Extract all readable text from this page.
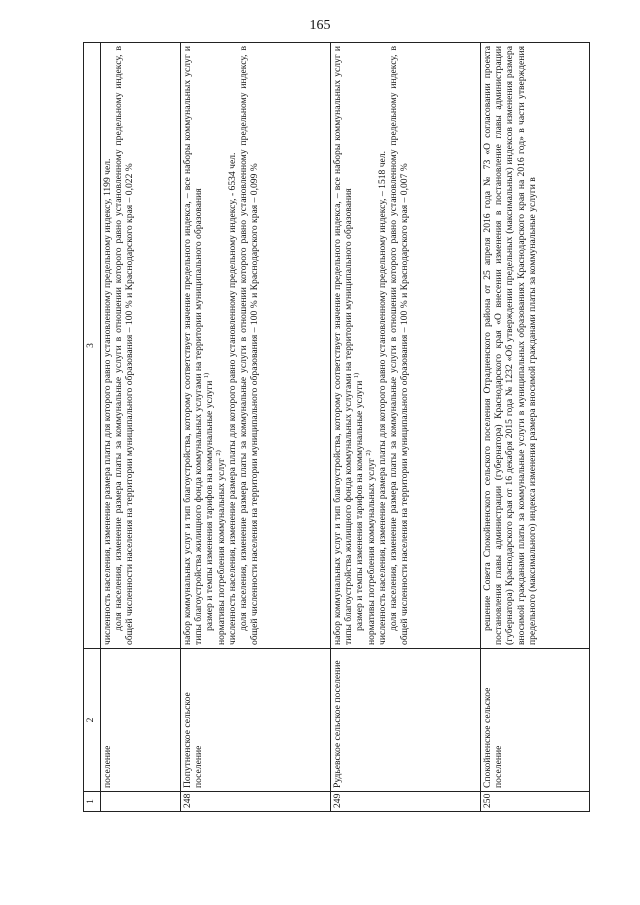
165
1	2	3
	поселение	численность населения, изменение размера платы для которого равно установленному предельному индексу, 1199 чел. доля населения, изменение размера платы за коммунальные услуги в отношении которого равно установленному предельному индексу, в общей численности населения на территории муниципального образования – 100 % и Краснодарского края – 0,022 %

248	Попутненское сельское поселение	набор коммунальных услуг и тип благоустройства, которому соответствует значение предельного индекса, – все наборы коммунальных услуг и типы благоустройства жилищного фонда коммунальных услугами на территории муниципального образования размер и темпы изменения тарифов на коммунальные услуги $^{1)}$

нормативы потребления коммунальных услуг $^{2)}$ численность населения, изменение размера платы для которого равно установленному предельному индексу, - 6534 чел. доля населения, изменение размера платы за коммунальные услуги в отношении которого равно установленному предельному индексу, в общей численности населения на территории муниципального образования – 100 % и Краснодарского края – 0,099 %

249	Рудьевское сельское поселение	набор коммунальных услуг и тип благоустройства, которому соответствует значение предельного индекса, – все наборы коммунальных услуг и типы благоустройства жилищного фонда коммунальных услугами на территории муниципального образования размер и темпы изменения тарифов на коммунальные услуги $^{1)}$

нормативы потребления коммунальных услуг $^{2)}$ численность населения, изменение размера платы для которого равно установленному предельному индексу, – 1518 чел. доля населения, изменение размера платы за коммунальные услуги в отношении которого равно установленному предельному индексу, в общей численности населения на территории муниципального образования – 100 % и Краснодарского края – 0,007 %

250	Спокойненское сельское поселение	решение Совета Спокойненского сельского поселения Отрадненского района от 25 апреля 2016 года № 73 «О согласовании проекта постановления главы администрации (губернатора) Краснодарского края «О внесении изменения в постановление главы администрации (губернатора) Краснодарского края от 16 декабря 2015 года № 1232 «Об утверждении предельных (максимальных) индексов изменения размера вносимой гражданами платы за коммунальные услуги в муниципальных образованиях Краснодарского края на 2016 год» в части утверждения предельного (максимального) индекса изменения размера вносимой гражданами платы за коммунальные услуги в
